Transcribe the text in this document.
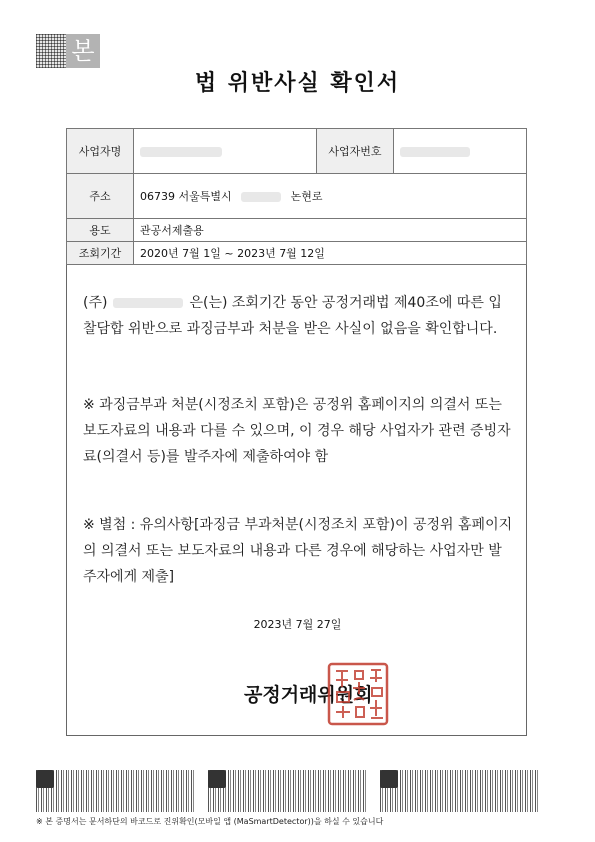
본
법 위반사실 확인서
사업자명		사업자번호	
주소	06739 서울특별시 논현로		
용도	관공서제출용		
조회기간	2020년 7월 1일 ~ 2023년 7월 12일		
(주)	은(는) 조회기간 동안 공정거래법 제40조에 따른 입찰담합 위반으로 과징금부과 처분을 받은 사실이 없음을 확인합니다.
※ 과징금부과 처분(시정조치 포함)은 공정위 홈페이지의 의결서 또는 보도자료의 내용과 다를 수 있으며, 이 경우 해당 사업자가 관련 증빙자료(의결서 등)를 발주자에 제출하여야 함
※ 별첨 : 유의사항[과징금 부과처분(시정조치 포함)이 공정위 홈페이지의 의결서 또는 보도자료의 내용과 다른 경우에 해당하는 사업자만 발주자에게 제출]
2023년 7월 27일
공정거래위원회
※ 본 증명서는 문서하단의 바코드로 진위확인(모바일 앱 (MaSmartDetector))을 하실 수 있습니다
